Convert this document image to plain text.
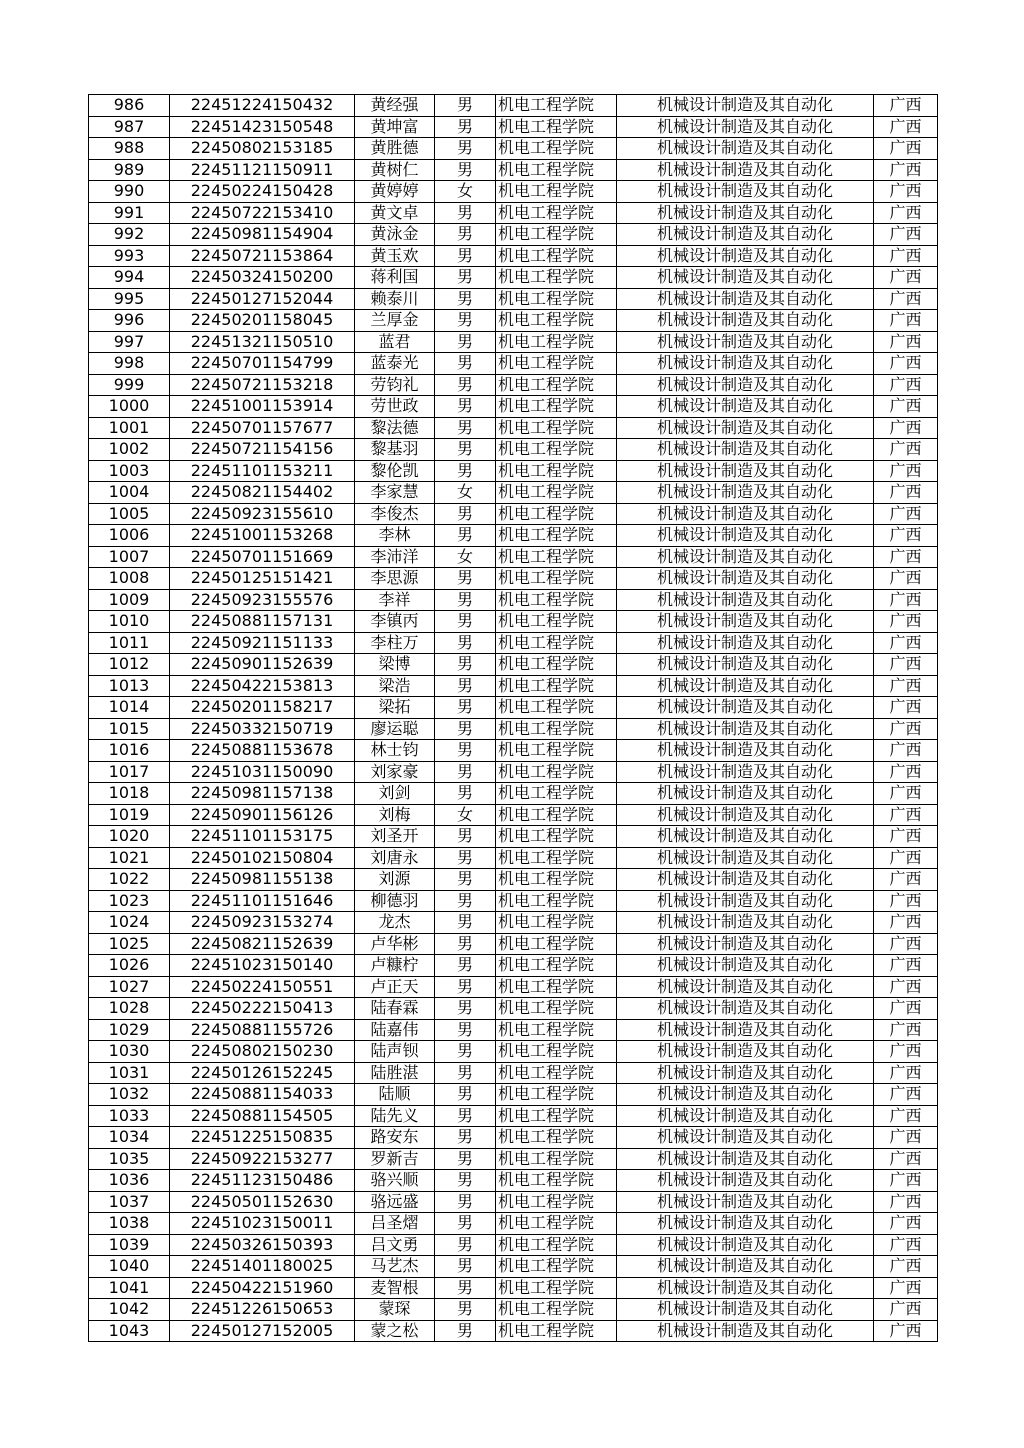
986	22451224150432	黄经强	男	机电工程学院	机械设计制造及其自动化	广西
987	22451423150548	黄坤富	男	机电工程学院	机械设计制造及其自动化	广西
988	22450802153185	黄胜德	男	机电工程学院	机械设计制造及其自动化	广西
989	22451121150911	黄树仁	男	机电工程学院	机械设计制造及其自动化	广西
990	22450224150428	黄婷婷	女	机电工程学院	机械设计制造及其自动化	广西
991	22450722153410	黄文卓	男	机电工程学院	机械设计制造及其自动化	广西
992	22450981154904	黄泳金	男	机电工程学院	机械设计制造及其自动化	广西
993	22450721153864	黄玉欢	男	机电工程学院	机械设计制造及其自动化	广西
994	22450324150200	蒋利国	男	机电工程学院	机械设计制造及其自动化	广西
995	22450127152044	赖泰川	男	机电工程学院	机械设计制造及其自动化	广西
996	22450201158045	兰厚金	男	机电工程学院	机械设计制造及其自动化	广西
997	22451321150510	蓝君	男	机电工程学院	机械设计制造及其自动化	广西
998	22450701154799	蓝泰光	男	机电工程学院	机械设计制造及其自动化	广西
999	22450721153218	劳钧礼	男	机电工程学院	机械设计制造及其自动化	广西
1000	22451001153914	劳世政	男	机电工程学院	机械设计制造及其自动化	广西
1001	22450701157677	黎法德	男	机电工程学院	机械设计制造及其自动化	广西
1002	22450721154156	黎基羽	男	机电工程学院	机械设计制造及其自动化	广西
1003	22451101153211	黎伦凯	男	机电工程学院	机械设计制造及其自动化	广西
1004	22450821154402	李家慧	女	机电工程学院	机械设计制造及其自动化	广西
1005	22450923155610	李俊杰	男	机电工程学院	机械设计制造及其自动化	广西
1006	22451001153268	李林	男	机电工程学院	机械设计制造及其自动化	广西
1007	22450701151669	李沛洋	女	机电工程学院	机械设计制造及其自动化	广西
1008	22450125151421	李思源	男	机电工程学院	机械设计制造及其自动化	广西
1009	22450923155576	李祥	男	机电工程学院	机械设计制造及其自动化	广西
1010	22450881157131	李镇丙	男	机电工程学院	机械设计制造及其自动化	广西
1011	22450921151133	李柱万	男	机电工程学院	机械设计制造及其自动化	广西
1012	22450901152639	梁博	男	机电工程学院	机械设计制造及其自动化	广西
1013	22450422153813	梁浩	男	机电工程学院	机械设计制造及其自动化	广西
1014	22450201158217	梁拓	男	机电工程学院	机械设计制造及其自动化	广西
1015	22450332150719	廖运聪	男	机电工程学院	机械设计制造及其自动化	广西
1016	22450881153678	林士钧	男	机电工程学院	机械设计制造及其自动化	广西
1017	22451031150090	刘家豪	男	机电工程学院	机械设计制造及其自动化	广西
1018	22450981157138	刘剑	男	机电工程学院	机械设计制造及其自动化	广西
1019	22450901156126	刘梅	女	机电工程学院	机械设计制造及其自动化	广西
1020	22451101153175	刘圣开	男	机电工程学院	机械设计制造及其自动化	广西
1021	22450102150804	刘唐永	男	机电工程学院	机械设计制造及其自动化	广西
1022	22450981155138	刘源	男	机电工程学院	机械设计制造及其自动化	广西
1023	22451101151646	柳德羽	男	机电工程学院	机械设计制造及其自动化	广西
1024	22450923153274	龙杰	男	机电工程学院	机械设计制造及其自动化	广西
1025	22450821152639	卢华彬	男	机电工程学院	机械设计制造及其自动化	广西
1026	22451023150140	卢糠柠	男	机电工程学院	机械设计制造及其自动化	广西
1027	22450224150551	卢正天	男	机电工程学院	机械设计制造及其自动化	广西
1028	22450222150413	陆春霖	男	机电工程学院	机械设计制造及其自动化	广西
1029	22450881155726	陆嘉伟	男	机电工程学院	机械设计制造及其自动化	广西
1030	22450802150230	陆声钡	男	机电工程学院	机械设计制造及其自动化	广西
1031	22450126152245	陆胜湛	男	机电工程学院	机械设计制造及其自动化	广西
1032	22450881154033	陆顺	男	机电工程学院	机械设计制造及其自动化	广西
1033	22450881154505	陆先义	男	机电工程学院	机械设计制造及其自动化	广西
1034	22451225150835	路安东	男	机电工程学院	机械设计制造及其自动化	广西
1035	22450922153277	罗新吉	男	机电工程学院	机械设计制造及其自动化	广西
1036	22451123150486	骆兴顺	男	机电工程学院	机械设计制造及其自动化	广西
1037	22450501152630	骆远盛	男	机电工程学院	机械设计制造及其自动化	广西
1038	22451023150011	吕圣熠	男	机电工程学院	机械设计制造及其自动化	广西
1039	22450326150393	吕文勇	男	机电工程学院	机械设计制造及其自动化	广西
1040	22451401180025	马艺杰	男	机电工程学院	机械设计制造及其自动化	广西
1041	22450422151960	麦智根	男	机电工程学院	机械设计制造及其自动化	广西
1042	22451226150653	蒙琛	男	机电工程学院	机械设计制造及其自动化	广西
1043	22450127152005	蒙之松	男	机电工程学院	机械设计制造及其自动化	广西
